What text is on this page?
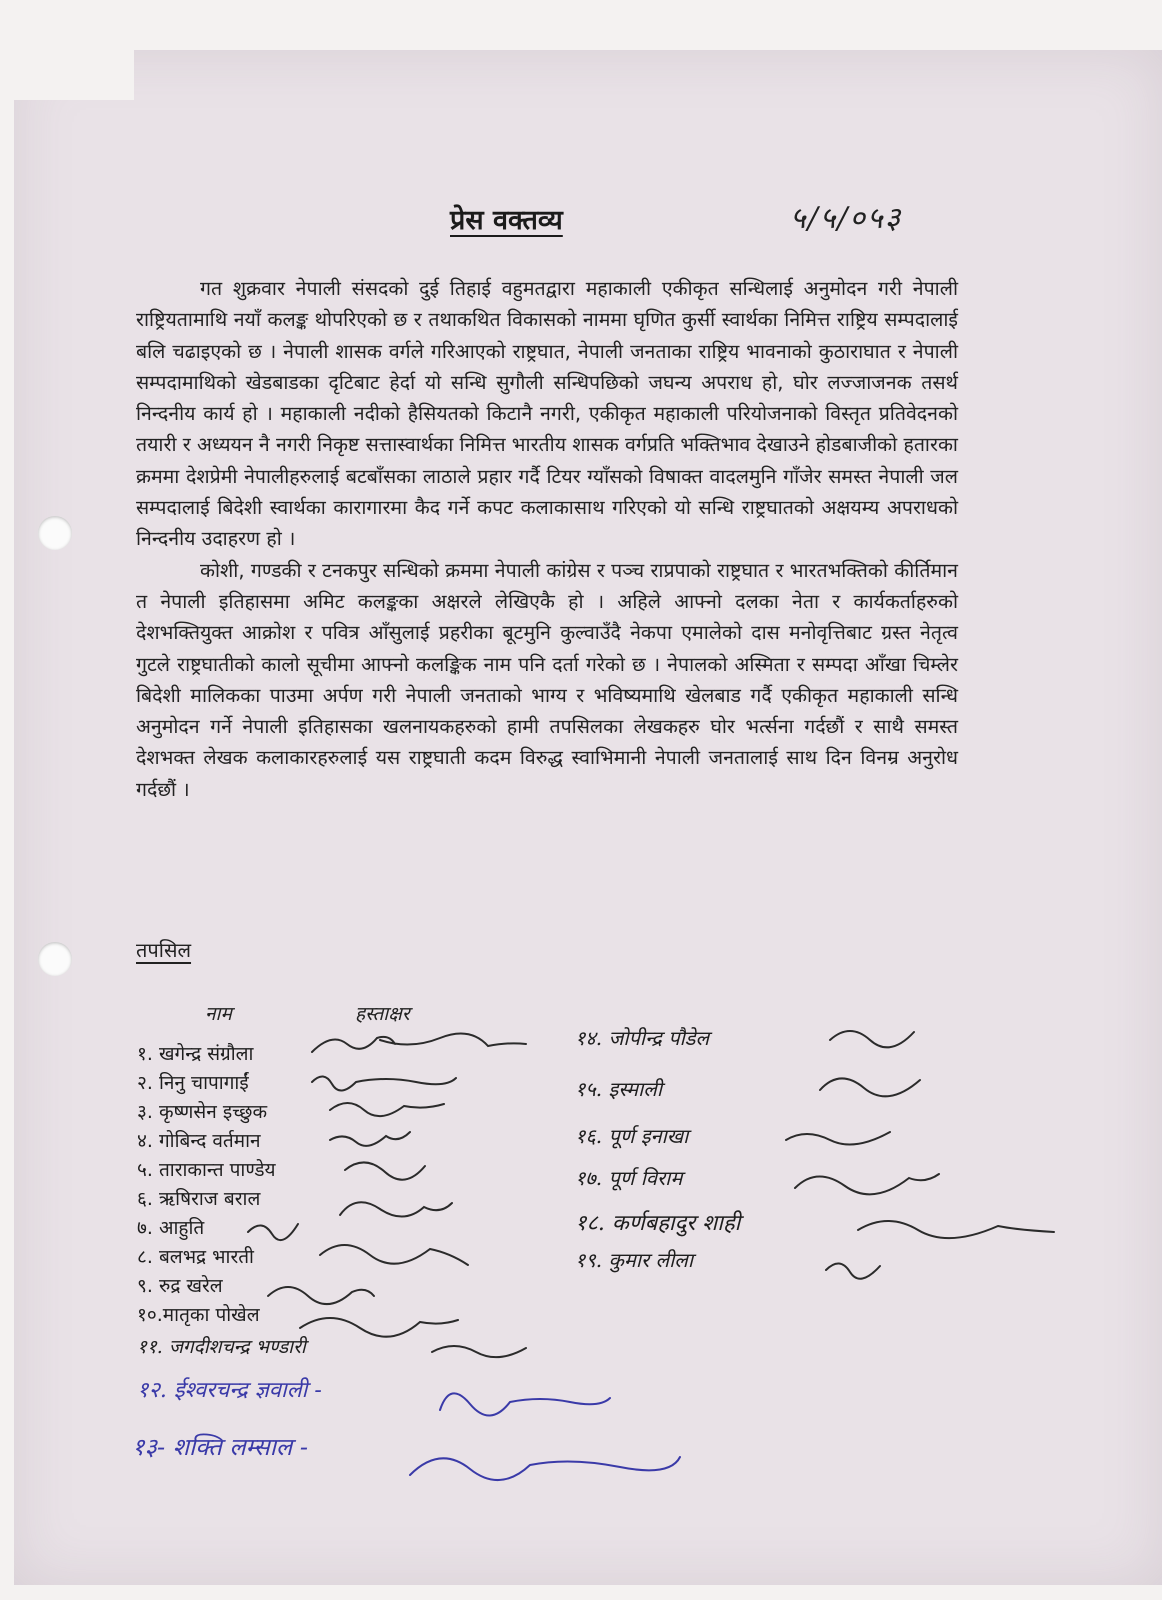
प्रेस वक्तव्य	५/५/०५३

गत शुक्रवार नेपाली संसदको दुई तिहाई वहुमतद्वारा महाकाली एकीकृत सन्धिलाई अनुमोदन गरी नेपाली राष्ट्रियतामाथि नयाँ कलङ्क थोपरिएको छ र तथाकथित विकासको नाममा घृणित कुर्सी स्वार्थका निमित्त राष्ट्रिय सम्पदालाई बलि चढाइएको छ । नेपाली शासक वर्गले गरिआएको राष्ट्रघात, नेपाली जनताका राष्ट्रिय भावनाको कुठाराघात र नेपाली सम्पदामाथिको खेडबाडका दृटिबाट हेर्दा यो सन्धि सुगौली सन्धिपछिको जघन्य अपराध हो, घोर लज्जाजनक तसर्थ निन्दनीय कार्य हो । महाकाली नदीको हैसियतको किटानै नगरी, एकीकृत महाकाली परियोजनाको विस्तृत प्रतिवेदनको तयारी र अध्ययन नै नगरी निकृष्ट सत्तास्वार्थका निमित्त भारतीय शासक वर्गप्रति भक्तिभाव देखाउने होडबाजीको हतारका क्रममा देशप्रेमी नेपालीहरुलाई बटबाँसका लाठाले प्रहार गर्दै टियर ग्याँसको विषाक्त वादलमुनि गाँजेर समस्त नेपाली जल सम्पदालाई बिदेशी स्वार्थका कारागारमा कैद गर्ने कपट कलाकासाथ गरिएको यो सन्धि राष्ट्रघातको अक्षयम्य अपराधको निन्दनीय उदाहरण हो ।

कोशी, गण्डकी र टनकपुर सन्धिको क्रममा नेपाली कांग्रेस र पञ्च राप्रपाको राष्ट्रघात र भारतभक्तिको कीर्तिमान त नेपाली इतिहासमा अमिट कलङ्कका अक्षरले लेखिएकै हो । अहिले आफ्नो दलका नेता र कार्यकर्ताहरुको देशभक्तियुक्त आक्रोश र पवित्र आँसुलाई प्रहरीका बूटमुनि कुल्वाउँदै नेकपा एमालेको दास मनोवृत्तिबाट ग्रस्त नेतृत्व गुटले राष्ट्रघातीको कालो सूचीमा आफ्नो कलङ्किक नाम पनि दर्ता गरेको छ । नेपालको अस्मिता र सम्पदा आँखा चिम्लेर बिदेशी मालिकका पाउमा अर्पण गरी नेपाली जनताको भाग्य र भविष्यमाथि खेलबाड गर्दै एकीकृत महाकाली सन्धि अनुमोदन गर्ने नेपाली इतिहासका खलनायकहरुको हामी तपसिलका लेखकहरु घोर भर्त्सना गर्दछौं र साथै समस्त देशभक्त लेखक कलाकारहरुलाई यस राष्ट्रघाती कदम विरुद्ध स्वाभिमानी नेपाली जनतालाई साथ दिन विनम्र अनुरोध गर्दछौं ।

तपसिल
नाम	हस्ताक्षर
१. खगेन्द्र संग्रौला
२. निनु चापागाईं
३. कृष्णसेन इच्छुक
४. गोबिन्द वर्तमान
५. ताराकान्त पाण्डेय
६. ऋषिराज बराल
७. आहुति
८. बलभद्र भारती
९. रुद्र खरेल
१०.मातृका पोखेल
११. जगदीशचन्द्र भण्डारी
१२. ईश्वरचन्द्र ज्ञवाली -
१३- शक्ति लम्साल -
१४. जोपीन्द्र पौडेल
१५. इस्माली
१६. पूर्ण इनाखा
१७. पूर्ण विराम
१८. कर्णबहादुर शाही
१९. कुमार लीला
